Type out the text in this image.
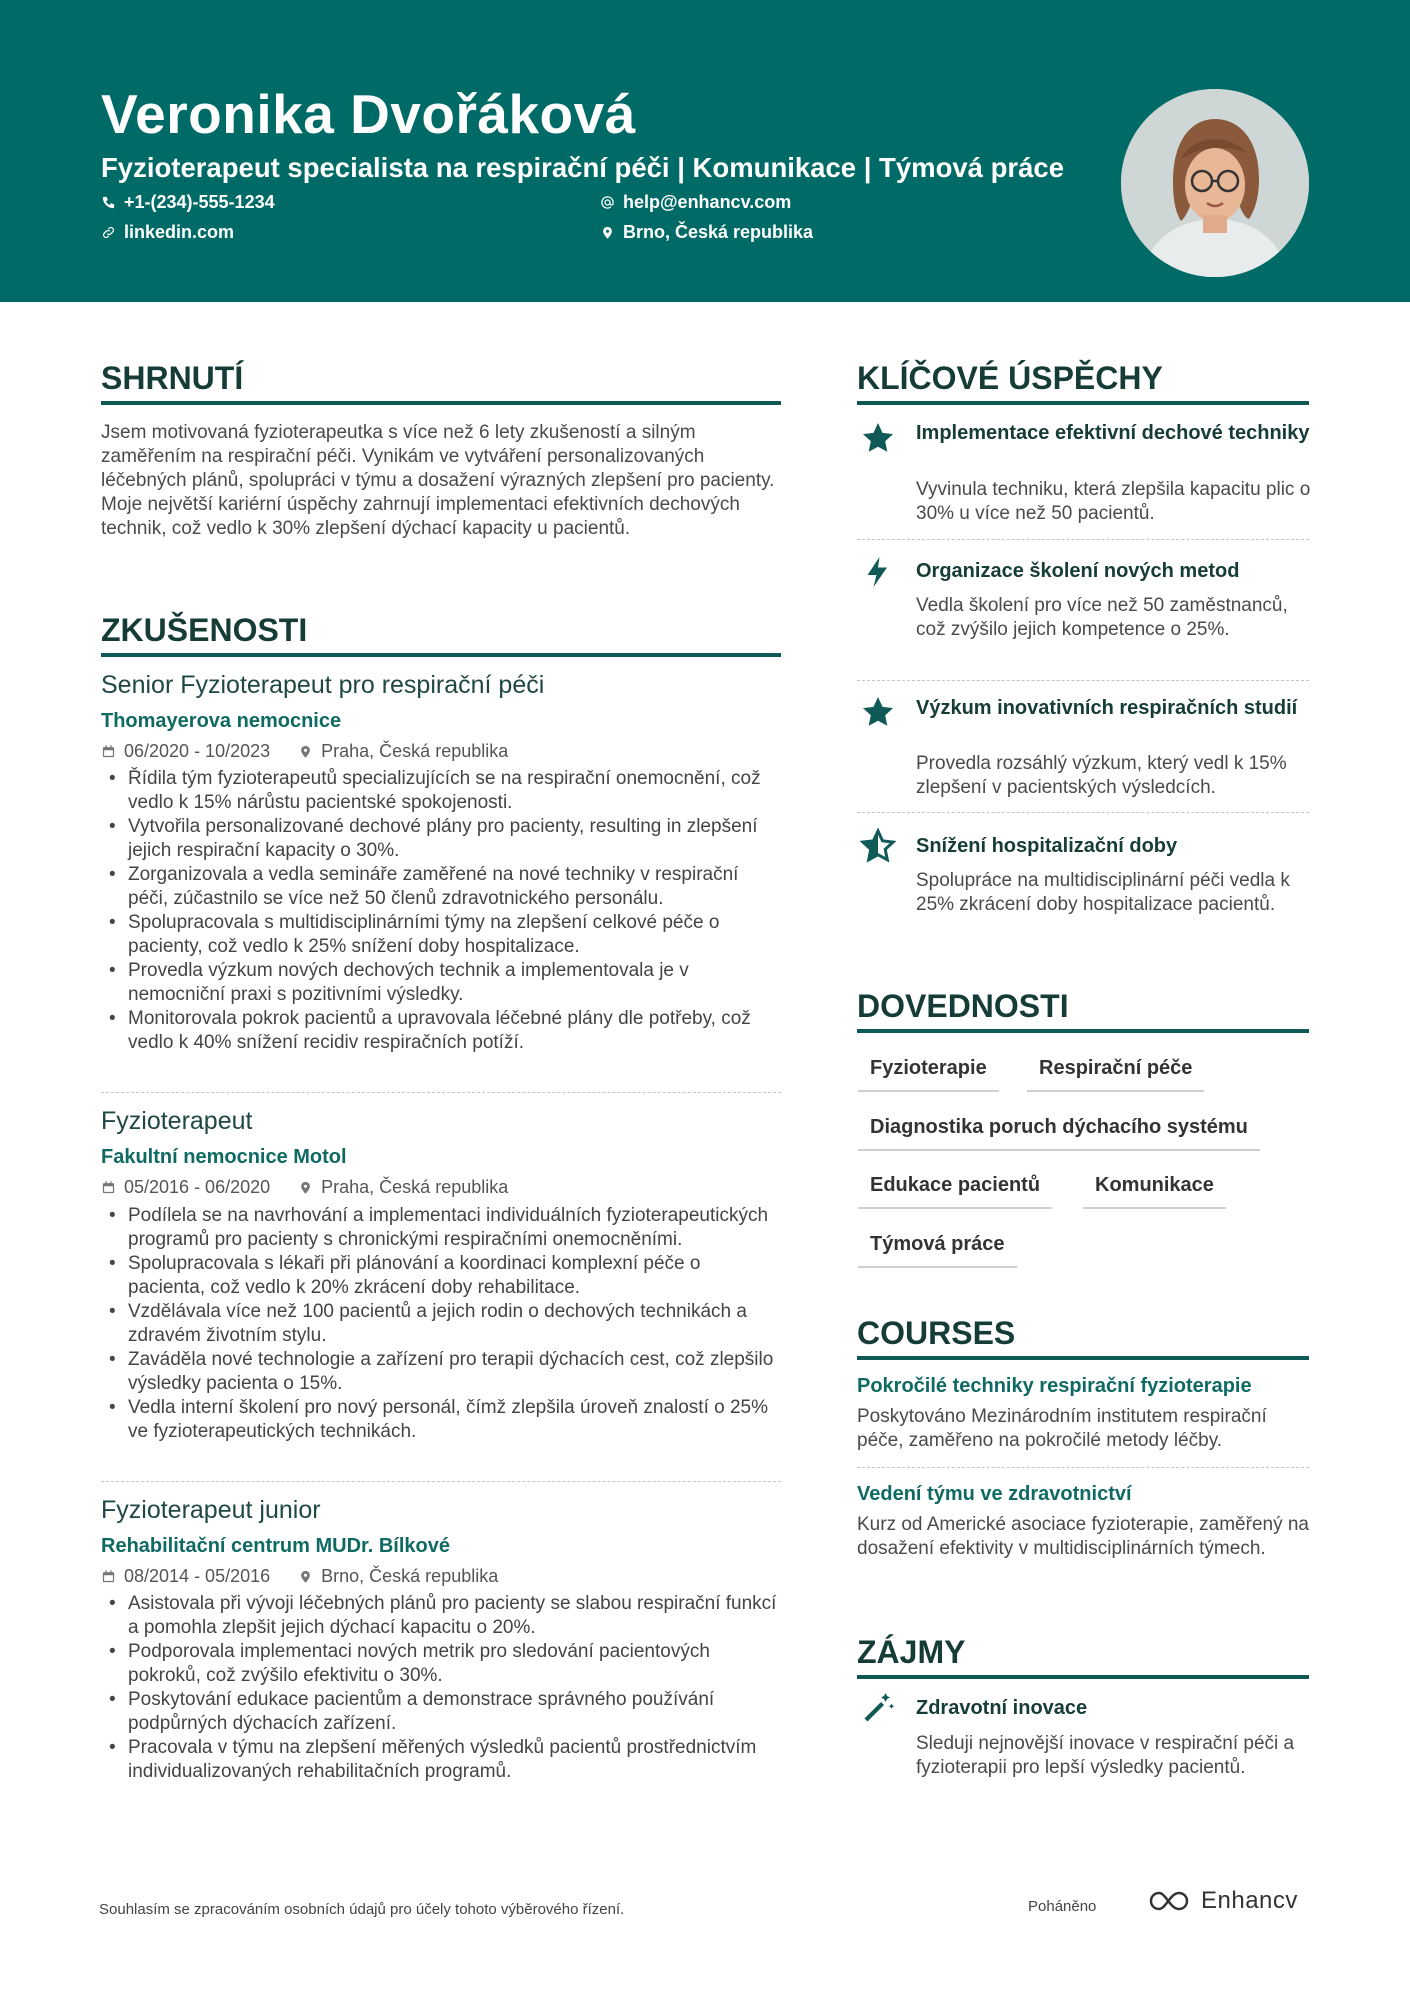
Veronika Dvořáková
Fyzioterapeut specialista na respirační péči | Komunikace | Týmová práce
+1-(234)-555-1234	help@enhancv.com
linkedin.com	Brno, Česká republika
SHRNUTÍ
Jsem motivovaná fyzioterapeutka s více než 6 lety zkušeností a silným zaměřením na respirační péči. Vynikám ve vytváření personalizovaných léčebných plánů, spolupráci v týmu a dosažení výrazných zlepšení pro pacienty. Moje největší kariérní úspěchy zahrnují implementaci efektivních dechových technik, což vedlo k 30% zlepšení dýchací kapacity u pacientů.
ZKUŠENOSTI
Senior Fyzioterapeut pro respirační péči
Thomayerova nemocnice
06/2020 - 10/2023	Praha, Česká republika
• Řídila tým fyzioterapeutů specializujících se na respirační onemocnění, což vedlo k 15% nárůstu pacientské spokojenosti.
• Vytvořila personalizované dechové plány pro pacienty, resulting in zlepšení jejich respirační kapacity o 30%.
• Zorganizovala a vedla semináře zaměřené na nové techniky v respirační péči, zúčastnilo se více než 50 členů zdravotnického personálu.
• Spolupracovala s multidisciplinárními týmy na zlepšení celkové péče o pacienty, což vedlo k 25% snížení doby hospitalizace.
• Provedla výzkum nových dechových technik a implementovala je v nemocniční praxi s pozitivními výsledky.
• Monitorovala pokrok pacientů a upravovala léčebné plány dle potřeby, což vedlo k 40% snížení recidiv respiračních potíží.
Fyzioterapeut
Fakultní nemocnice Motol
05/2016 - 06/2020	Praha, Česká republika
• Podílela se na navrhování a implementaci individuálních fyzioterapeutických programů pro pacienty s chronickými respiračními onemocněními.
• Spolupracovala s lékaři při plánování a koordinaci komplexní péče o pacienta, což vedlo k 20% zkrácení doby rehabilitace.
• Vzdělávala více než 100 pacientů a jejich rodin o dechových technikách a zdravém životním stylu.
• Zaváděla nové technologie a zařízení pro terapii dýchacích cest, což zlepšilo výsledky pacienta o 15%.
• Vedla interní školení pro nový personál, čímž zlepšila úroveň znalostí o 25% ve fyzioterapeutických technikách.
Fyzioterapeut junior
Rehabilitační centrum MUDr. Bílkové
08/2014 - 05/2016	Brno, Česká republika
• Asistovala při vývoji léčebných plánů pro pacienty se slabou respirační funkcí a pomohla zlepšit jejich dýchací kapacitu o 20%.
• Podporovala implementaci nových metrik pro sledování pacientových pokroků, což zvýšilo efektivitu o 30%.
• Poskytování edukace pacientům a demonstrace správného používání podpůrných dýchacích zařízení.
• Pracovala v týmu na zlepšení měřených výsledků pacientů prostřednictvím individualizovaných rehabilitačních programů.
KLÍČOVÉ ÚSPĚCHY
Implementace efektivní dechové techniky
Vyvinula techniku, která zlepšila kapacitu plic o 30% u více než 50 pacientů.
Organizace školení nových metod
Vedla školení pro více než 50 zaměstnanců, což zvýšilo jejich kompetence o 25%.
Výzkum inovativních respiračních studií
Provedla rozsáhlý výzkum, který vedl k 15% zlepšení v pacientských výsledcích.
Snížení hospitalizační doby
Spolupráce na multidisciplinární péči vedla k 25% zkrácení doby hospitalizace pacientů.
DOVEDNOSTI
Fyzioterapie	Respirační péče
Diagnostika poruch dýchacího systému
Edukace pacientů	Komunikace
Týmová práce
COURSES
Pokročilé techniky respirační fyzioterapie
Poskytováno Mezinárodním institutem respirační péče, zaměřeno na pokročilé metody léčby.
Vedení týmu ve zdravotnictví
Kurz od Americké asociace fyzioterapie, zaměřený na dosažení efektivity v multidisciplinárních týmech.
ZÁJMY
Zdravotní inovace
Sleduji nejnovější inovace v respirační péči a fyzioterapii pro lepší výsledky pacientů.
Souhlasím se zpracováním osobních údajů pro účely tohoto výběrového řízení.	Poháněno	Enhancv
